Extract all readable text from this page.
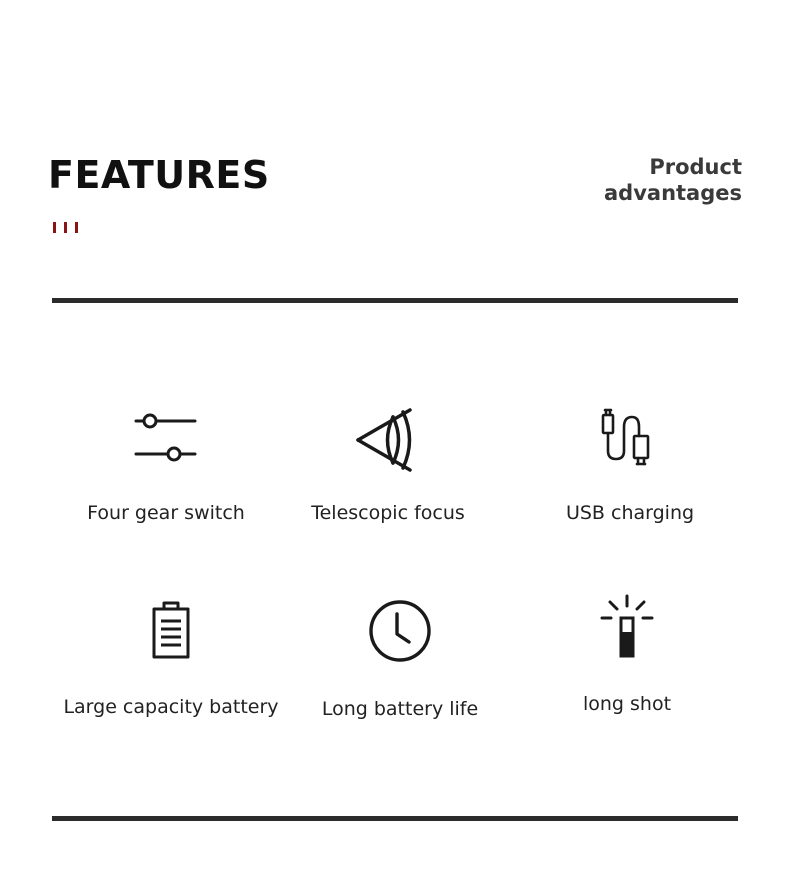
FEATURES	Product
advantages
Four gear switch	Telescopic focus	USB charging
Large capacity battery	Long battery life	long shot
